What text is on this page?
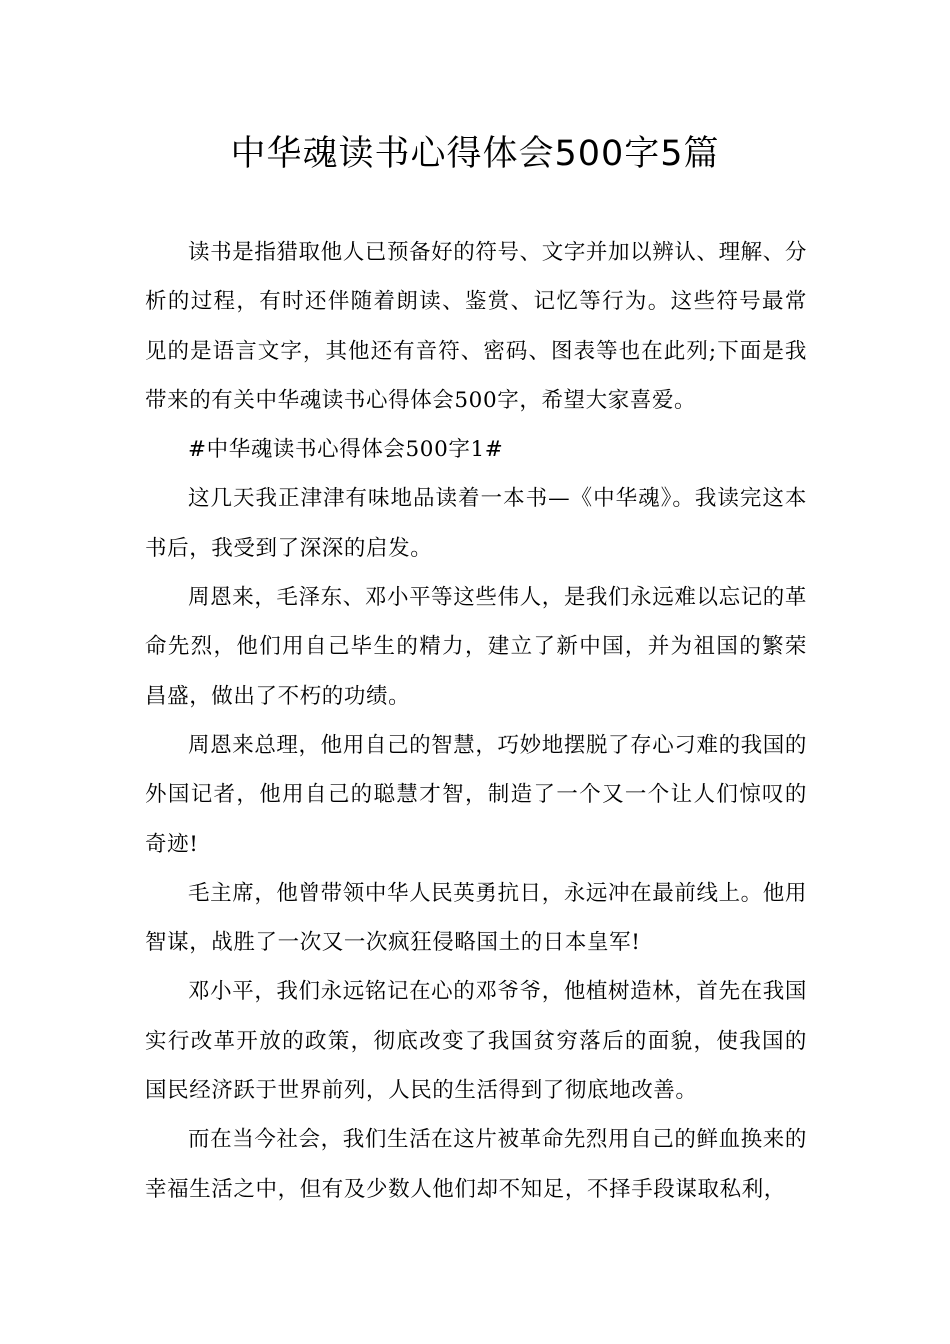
中华魂读书心得体会500字5篇

读书是指猎取他人已预备好的符号、文字并加以辨认、理解、分析的过程，有时还伴随着朗读、鉴赏、记忆等行为。这些符号最常见的是语言文字，其他还有音符、密码、图表等也在此列;下面是我带来的有关中华魂读书心得体会500字，希望大家喜爱。

#中华魂读书心得体会500字1#

这几天我正津津有味地品读着一本书—《中华魂》。我读完这本书后，我受到了深深的启发。

周恩来，毛泽东、邓小平等这些伟人，是我们永远难以忘记的革命先烈，他们用自己毕生的精力，建立了新中国，并为祖国的繁荣昌盛，做出了不朽的功绩。

周恩来总理，他用自己的智慧，巧妙地摆脱了存心刁难的我国的外国记者，他用自己的聪慧才智，制造了一个又一个让人们惊叹的奇迹!

毛主席，他曾带领中华人民英勇抗日，永远冲在最前线上。他用智谋，战胜了一次又一次疯狂侵略国土的日本皇军!

邓小平，我们永远铭记在心的邓爷爷，他植树造林，首先在我国实行改革开放的政策，彻底改变了我国贫穷落后的面貌，使我国的国民经济跃于世界前列，人民的生活得到了彻底地改善。

而在当今社会，我们生活在这片被革命先烈用自己的鲜血换来的幸福生活之中，但有及少数人他们却不知足，不择手段谋取私利，
